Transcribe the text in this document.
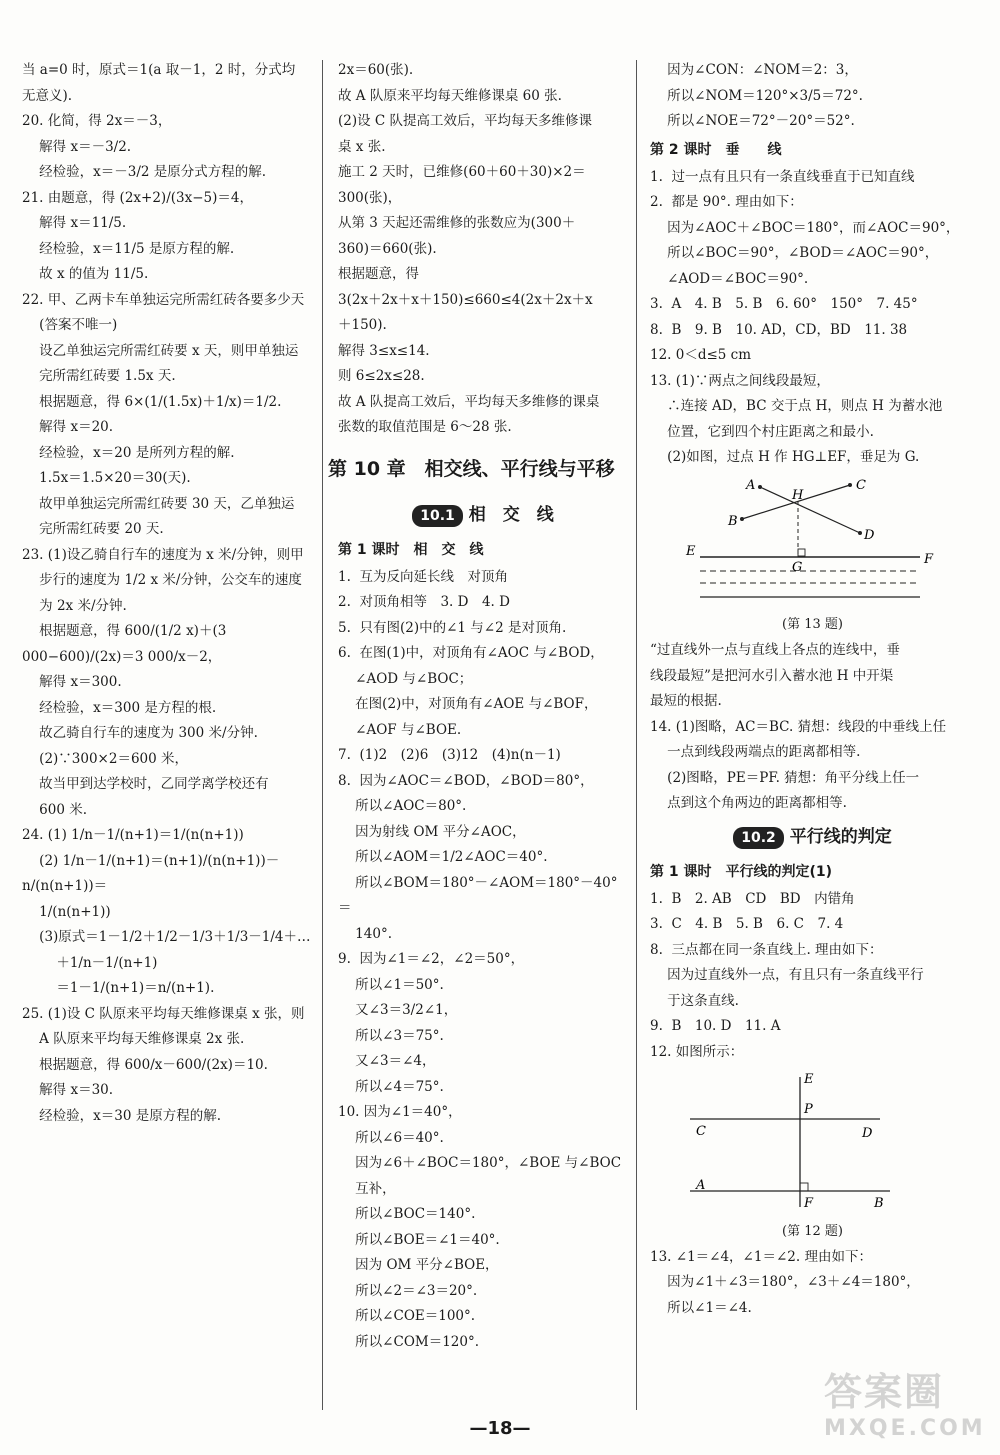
当 a=0 时，原式＝1(a 取－1，2 时，分式均
无意义).
20. 化简，得 2x＝－3，
解得 x＝－3/2.
经检验，x＝－3/2 是原分式方程的解.
21. 由题意，得 (2x+2)/(3x−5)＝4，
解得 x＝11/5.
经检验，x＝11/5 是原方程的解.
故 x 的值为 11/5.
22. 甲、乙两卡车单独运完所需红砖各要多少天
(答案不唯一)
设乙单独运完所需红砖要 x 天，则甲单独运
完所需红砖要 1.5x 天.
根据题意，得 6×(1/(1.5x)＋1/x)＝1/2.
解得 x＝20.
经检验，x＝20 是所列方程的解.
1.5x＝1.5×20＝30(天).
故甲单独运完所需红砖要 30 天，乙单独运
完所需红砖要 20 天.
23. (1)设乙骑自行车的速度为 x 米/分钟，则甲
步行的速度为 1/2 x 米/分钟，公交车的速度
为 2x 米/分钟.
根据题意，得 600/(1/2 x)＋(3 000−600)/(2x)＝3 000/x－2，
解得 x＝300.
经检验，x＝300 是方程的根.
故乙骑自行车的速度为 300 米/分钟.
(2)∵300×2＝600 米，
故当甲到达学校时，乙同学离学校还有
600 米.
24. (1) 1/n－1/(n+1)＝1/(n(n+1))
(2) 1/n－1/(n+1)＝(n+1)/(n(n+1))－n/(n(n+1))＝
1/(n(n+1))
(3)原式＝1－1/2＋1/2－1/3＋1/3－1/4＋…
＋1/n－1/(n+1)
＝1－1/(n+1)＝n/(n+1).
25. (1)设 C 队原来平均每天维修课桌 x 张，则
A 队原来平均每天维修课桌 2x 张.
根据题意，得 600/x－600/(2x)＝10.
解得 x＝30.
经检验，x＝30 是原方程的解.
2x＝60(张).
故 A 队原来平均每天维修课桌 60 张.
(2)设 C 队提高工效后，平均每天多维修课
桌 x 张.
施工 2 天时，已维修(60＋60＋30)×2＝
300(张)，
从第 3 天起还需维修的张数应为(300＋
360)＝660(张).
根据题意，得
3(2x＋2x＋x＋150)≤660≤4(2x＋2x＋x
＋150).
解得 3≤x≤14.
则 6≤2x≤28.
故 A 队提高工效后，平均每天多维修的课桌
张数的取值范围是 6～28 张.
第 10 章　相交线、平行线与平移
10.1 相　交　线
第 1 课时　相　交　线
1.  互为反向延长线　对顶角
2.  对顶角相等　3. D　4. D
5.  只有图(2)中的∠1 与∠2 是对顶角.
6.  在图(1)中，对顶角有∠AOC 与∠BOD，
∠AOD 与∠BOC；
在图(2)中，对顶角有∠AOE 与∠BOF，
∠AOF 与∠BOE.
7.  (1)2　(2)6　(3)12　(4)n(n－1)
8.  因为∠AOC＝∠BOD，∠BOD＝80°，
所以∠AOC＝80°.
因为射线 OM 平分∠AOC，
所以∠AOM＝1/2∠AOC＝40°.
所以∠BOM＝180°－∠AOM＝180°－40°＝
140°.
9.  因为∠1＝∠2，∠2＝50°，
所以∠1＝50°.
又∠3＝3/2∠1，
所以∠3＝75°.
又∠3＝∠4，
所以∠4＝75°.
10. 因为∠1＝40°，
所以∠6＝40°.
因为∠6＋∠BOC＝180°，∠BOE 与∠BOC
互补，
所以∠BOC＝140°.
所以∠BOE＝∠1＝40°.
因为 OM 平分∠BOE，
所以∠2＝∠3＝20°.
所以∠COE＝100°.
所以∠COM＝120°.
因为∠CON：∠NOM＝2：3，
所以∠NOM＝120°×3/5＝72°.
所以∠NOE＝72°－20°＝52°.
第 2 课时　垂　　线
1.  过一点有且只有一条直线垂直于已知直线
2.  都是 90°. 理由如下：
因为∠AOC＋∠BOC＝180°，而∠AOC＝90°，
所以∠BOC＝90°，∠BOD＝∠AOC＝90°，
∠AOD＝∠BOC＝90°.
3.  A　4. B　5. B　6. 60°　150°　7. 45°
8.  B　9. B　10. AD，CD，BD　11. 38
12. 0＜d≤5 cm
13. (1)∵两点之间线段最短，
∴连接 AD，BC 交于点 H，则点 H 为蓄水池
位置，它到四个村庄距离之和最小.
(2)如图，过点 H 作 HG⊥EF，垂足为 G.
A
B
C
D
H
E
F
G
(第 13 题)
“过直线外一点与直线上各点的连线中，垂
线段最短”是把河水引入蓄水池 H 中开渠
最短的根据.
14. (1)图略，AC＝BC. 猜想：线段的中垂线上任
一点到线段两端点的距离都相等.
(2)图略，PE＝PF. 猜想：角平分线上任一
点到这个角两边的距离都相等.
10.2 平行线的判定
第 1 课时　平行线的判定(1)
1.  B　2. AB　CD　BD　内错角
3.  C　4. B　5. B　6. C　7. 4
8.  三点都在同一条直线上. 理由如下：
因为过直线外一点，有且只有一条直线平行
于这条直线.
9.  B　10. D　11. A
12. 如图所示：
E
P
C	D
A
F	B
(第 12 题)
13. ∠1＝∠4，∠1＝∠2. 理由如下：
因为∠1＋∠3＝180°，∠3＋∠4＝180°，
所以∠1＝∠4.
—18—
答案圈
MXQE.COM
